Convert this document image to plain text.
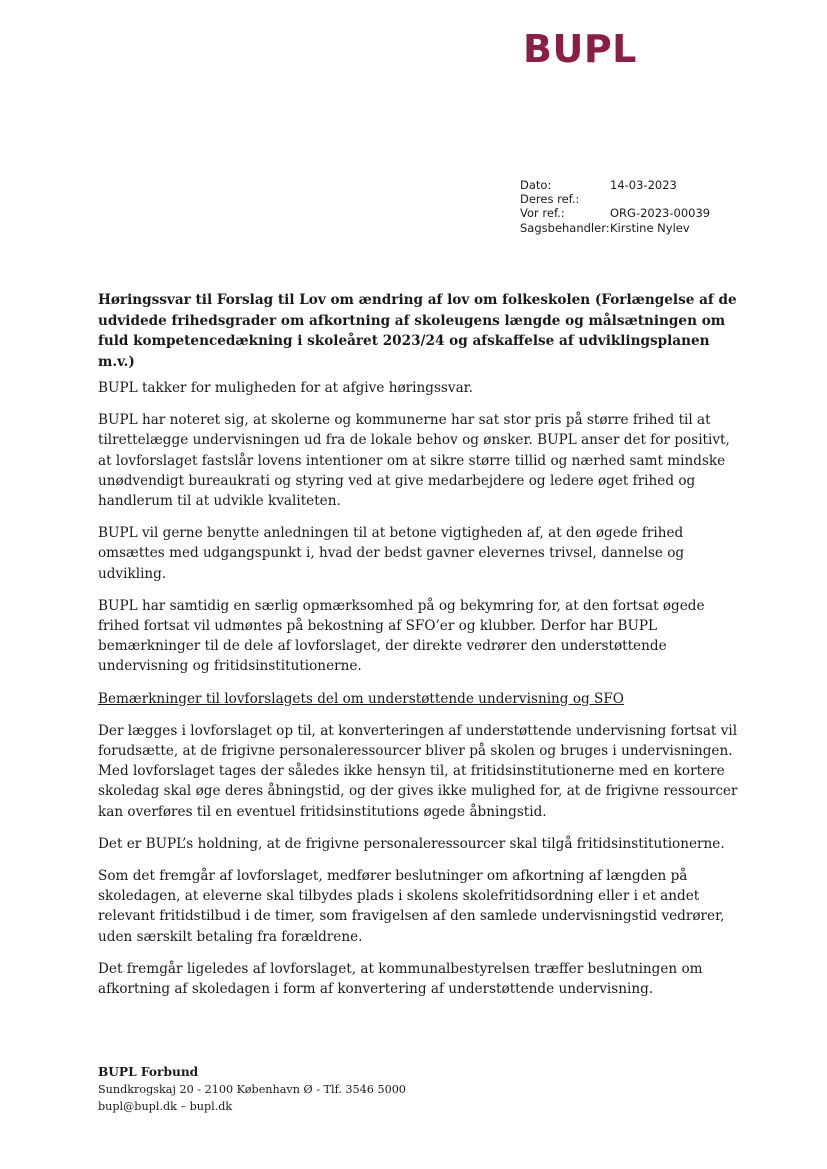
BUPL
Dato:	14-03-2023
Deres ref.:
Vor ref.:	ORG-2023-00039
Sagsbehandler: Kirstine Nylev
Høringssvar til Forslag til Lov om ændring af lov om folkeskolen (Forlængelse af de udvidede frihedsgrader om afkortning af skoleugens længde og målsætningen om fuld kompetencedækning i skoleåret 2023/24 og afskaffelse af udviklingsplanen m.v.)

BUPL takker for muligheden for at afgive høringssvar.

BUPL har noteret sig, at skolerne og kommunerne har sat stor pris på større frihed til at tilrettelægge undervisningen ud fra de lokale behov og ønsker. BUPL anser det for positivt, at lovforslaget fastslår lovens intentioner om at sikre større tillid og nærhed samt mindske unødvendigt bureaukrati og styring ved at give medarbejdere og ledere øget frihed og handlerum til at udvikle kvaliteten.

BUPL vil gerne benytte anledningen til at betone vigtigheden af, at den øgede frihed omsættes med udgangspunkt i, hvad der bedst gavner elevernes trivsel, dannelse og udvikling.

BUPL har samtidig en særlig opmærksomhed på og bekymring for, at den fortsat øgede frihed fortsat vil udmøntes på bekostning af SFO’er og klubber. Derfor har BUPL bemærkninger til de dele af lovforslaget, der direkte vedrører den understøttende undervisning og fritidsinstitutionerne.

Bemærkninger til lovforslagets del om understøttende undervisning og SFO

Der lægges i lovforslaget op til, at konverteringen af understøttende undervisning fortsat vil forudsætte, at de frigivne personaleressourcer bliver på skolen og bruges i undervisningen. Med lovforslaget tages der således ikke hensyn til, at fritidsinstitutionerne med en kortere skoledag skal øge deres åbningstid, og der gives ikke mulighed for, at de frigivne ressourcer kan overføres til en eventuel fritidsinstitutions øgede åbningstid.

Det er BUPL’s holdning, at de frigivne personaleressourcer skal tilgå fritidsinstitutionerne.

Som det fremgår af lovforslaget, medfører beslutninger om afkortning af længden på skoledagen, at eleverne skal tilbydes plads i skolens skolefritidsordning eller i et andet relevant fritidstilbud i de timer, som fravigelsen af den samlede undervisningstid vedrører, uden særskilt betaling fra forældrene.

Det fremgår ligeledes af lovforslaget, at kommunalbestyrelsen træffer beslutningen om afkortning af skoledagen i form af konvertering af understøttende undervisning.

BUPL Forbund
Sundkrogskaj 20 - 2100 København Ø - Tlf. 3546 5000
bupl@bupl.dk – bupl.dk
